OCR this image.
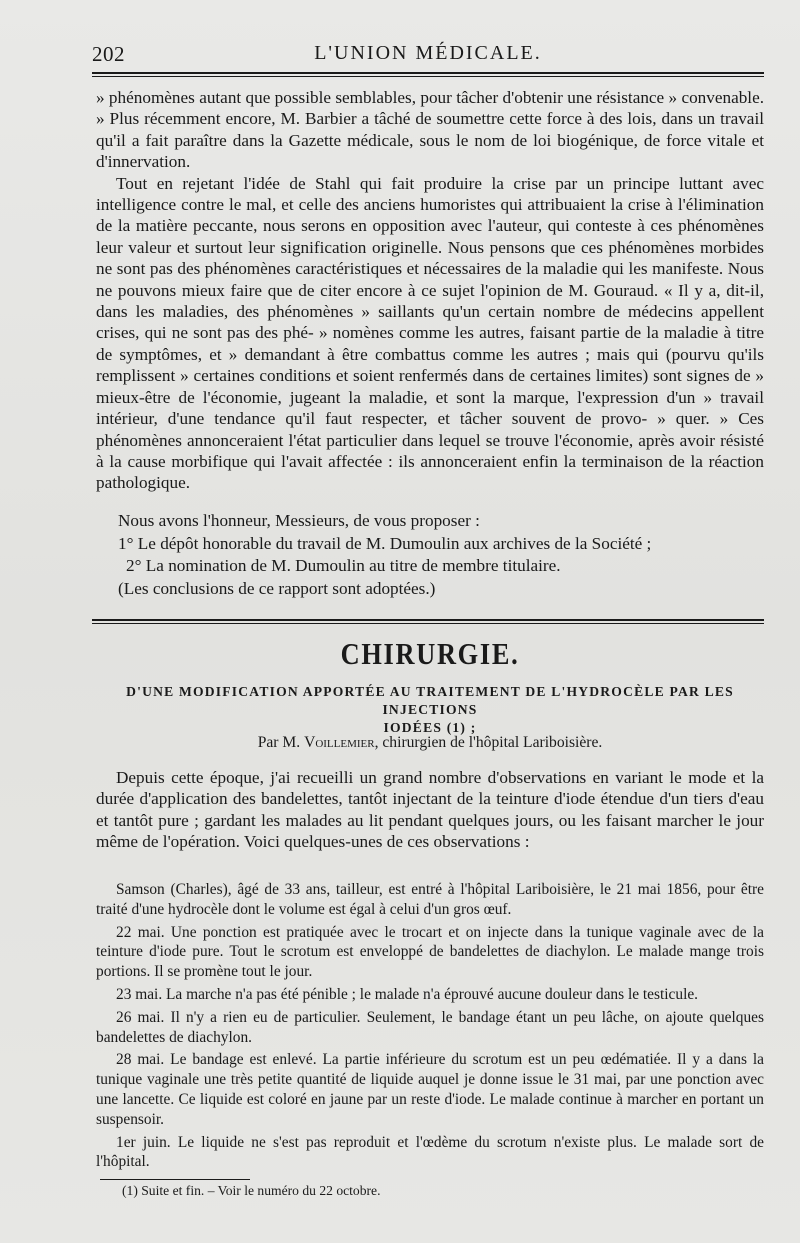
202	L'UNION MÉDICALE.

» phénomènes autant que possible semblables, pour tâcher d'obtenir une résistance » convenable. » Plus récemment encore, M. Barbier a tâché de soumettre cette force à des lois, dans un travail qu'il a fait paraître dans la Gazette médicale, sous le nom de loi biogénique, de force vitale et d'innervation.

Tout en rejetant l'idée de Stahl qui fait produire la crise par un principe luttant avec intelligence contre le mal, et celle des anciens humoristes qui attribuaient la crise à l'élimination de la matière peccante, nous serons en opposition avec l'auteur, qui conteste à ces phénomènes leur valeur et surtout leur signification originelle. Nous pensons que ces phénomènes morbides ne sont pas des phénomènes caractéristiques et nécessaires de la maladie qui les manifeste. Nous ne pouvons mieux faire que de citer encore à ce sujet l'opinion de M. Gouraud. « Il y a, dit-il, dans les maladies, des phénomènes » saillants qu'un certain nombre de médecins appellent crises, qui ne sont pas des phé- » nomènes comme les autres, faisant partie de la maladie à titre de symptômes, et » demandant à être combattus comme les autres ; mais qui (pourvu qu'ils remplissent » certaines conditions et soient renfermés dans de certaines limites) sont signes de » mieux-être de l'économie, jugeant la maladie, et sont la marque, l'expression d'un » travail intérieur, d'une tendance qu'il faut respecter, et tâcher souvent de provo- » quer. » Ces phénomènes annonceraient l'état particulier dans lequel se trouve l'économie, après avoir résisté à la cause morbifique qui l'avait affectée : ils annonceraient enfin la terminaison de la réaction pathologique.

Nous avons l'honneur, Messieurs, de vous proposer :

1° Le dépôt honorable du travail de M. Dumoulin aux archives de la Société ;

2° La nomination de M. Dumoulin au titre de membre titulaire.

(Les conclusions de ce rapport sont adoptées.)

CHIRURGIE.
D'UNE MODIFICATION APPORTÉE AU TRAITEMENT DE L'HYDROCÈLE PAR LES INJECTIONS
IODÉES (1) ;
Par M. Voillemier, chirurgien de l'hôpital Lariboisière.

Depuis cette époque, j'ai recueilli un grand nombre d'observations en variant le mode et la durée d'application des bandelettes, tantôt injectant de la teinture d'iode étendue d'un tiers d'eau et tantôt pure ; gardant les malades au lit pendant quelques jours, ou les faisant marcher le jour même de l'opération. Voici quelques-unes de ces observations :

Samson (Charles), âgé de 33 ans, tailleur, est entré à l'hôpital Lariboisière, le 21 mai 1856, pour être traité d'une hydrocèle dont le volume est égal à celui d'un gros œuf.

22 mai. Une ponction est pratiquée avec le trocart et on injecte dans la tunique vaginale avec de la teinture d'iode pure. Tout le scrotum est enveloppé de bandelettes de diachylon. Le malade mange trois portions. Il se promène tout le jour.

23 mai. La marche n'a pas été pénible ; le malade n'a éprouvé aucune douleur dans le testicule.

26 mai. Il n'y a rien eu de particulier. Seulement, le bandage étant un peu lâche, on ajoute quelques bandelettes de diachylon.

28 mai. Le bandage est enlevé. La partie inférieure du scrotum est un peu œdématiée. Il y a dans la tunique vaginale une très petite quantité de liquide auquel je donne issue le 31 mai, par une ponction avec une lancette. Ce liquide est coloré en jaune par un reste d'iode. Le malade continue à marcher en portant un suspensoir.

1er juin. Le liquide ne s'est pas reproduit et l'œdème du scrotum n'existe plus. Le malade sort de l'hôpital.

(1) Suite et fin. – Voir le numéro du 22 octobre.
